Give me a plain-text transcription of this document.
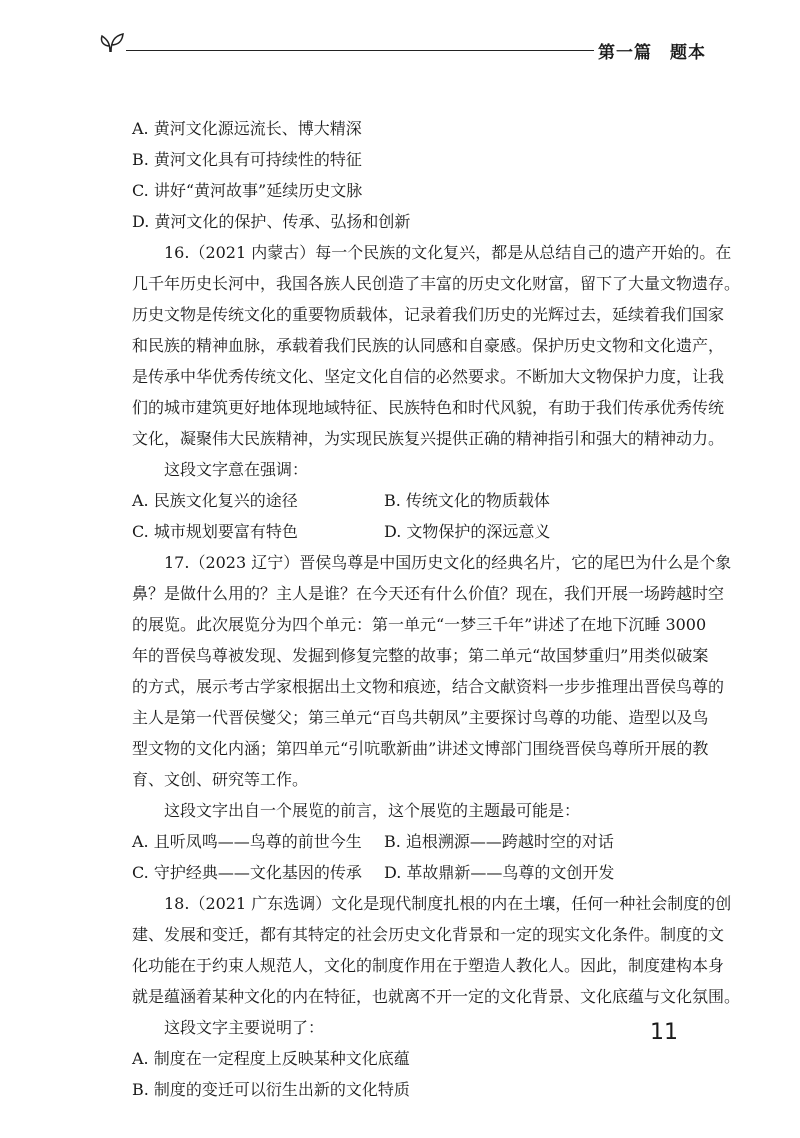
第一篇　题本
A. 黄河文化源远流长、博大精深
B. 黄河文化具有可持续性的特征
C. 讲好“黄河故事”延续历史文脉
D. 黄河文化的保护、传承、弘扬和创新
16.（2021 内蒙古）每一个民族的文化复兴，都是从总结自己的遗产开始的。在
几千年历史长河中，我国各族人民创造了丰富的历史文化财富，留下了大量文物遗存。
历史文物是传统文化的重要物质载体，记录着我们历史的光辉过去，延续着我们国家
和民族的精神血脉，承载着我们民族的认同感和自豪感。保护历史文物和文化遗产，
是传承中华优秀传统文化、坚定文化自信的必然要求。不断加大文物保护力度，让我
们的城市建筑更好地体现地域特征、民族特色和时代风貌，有助于我们传承优秀传统
文化，凝聚伟大民族精神，为实现民族复兴提供正确的精神指引和强大的精神动力。
这段文字意在强调：
A. 民族文化复兴的途径	B. 传统文化的物质载体
C. 城市规划要富有特色	D. 文物保护的深远意义
17.（2023 辽宁）晋侯鸟尊是中国历史文化的经典名片，它的尾巴为什么是个象
鼻？是做什么用的？主人是谁？在今天还有什么价值？现在，我们开展一场跨越时空
的展览。此次展览分为四个单元：第一单元“一梦三千年”讲述了在地下沉睡 3000
年的晋侯鸟尊被发现、发掘到修复完整的故事；第二单元“故国梦重归”用类似破案
的方式，展示考古学家根据出土文物和痕迹，结合文献资料一步步推理出晋侯鸟尊的
主人是第一代晋侯燮父；第三单元“百鸟共朝凤”主要探讨鸟尊的功能、造型以及鸟
型文物的文化内涵；第四单元“引吭歌新曲”讲述文博部门围绕晋侯鸟尊所开展的教
育、文创、研究等工作。
这段文字出自一个展览的前言，这个展览的主题最可能是：
A. 且听凤鸣——鸟尊的前世今生	B. 追根溯源——跨越时空的对话
C. 守护经典——文化基因的传承	D. 革故鼎新——鸟尊的文创开发
18.（2021 广东选调）文化是现代制度扎根的内在土壤，任何一种社会制度的创
建、发展和变迁，都有其特定的社会历史文化背景和一定的现实文化条件。制度的文
化功能在于约束人规范人，文化的制度作用在于塑造人教化人。因此，制度建构本身
就是蕴涵着某种文化的内在特征，也就离不开一定的文化背景、文化底蕴与文化氛围。
这段文字主要说明了：
A. 制度在一定程度上反映某种文化底蕴
B. 制度的变迁可以衍生出新的文化特质
11
